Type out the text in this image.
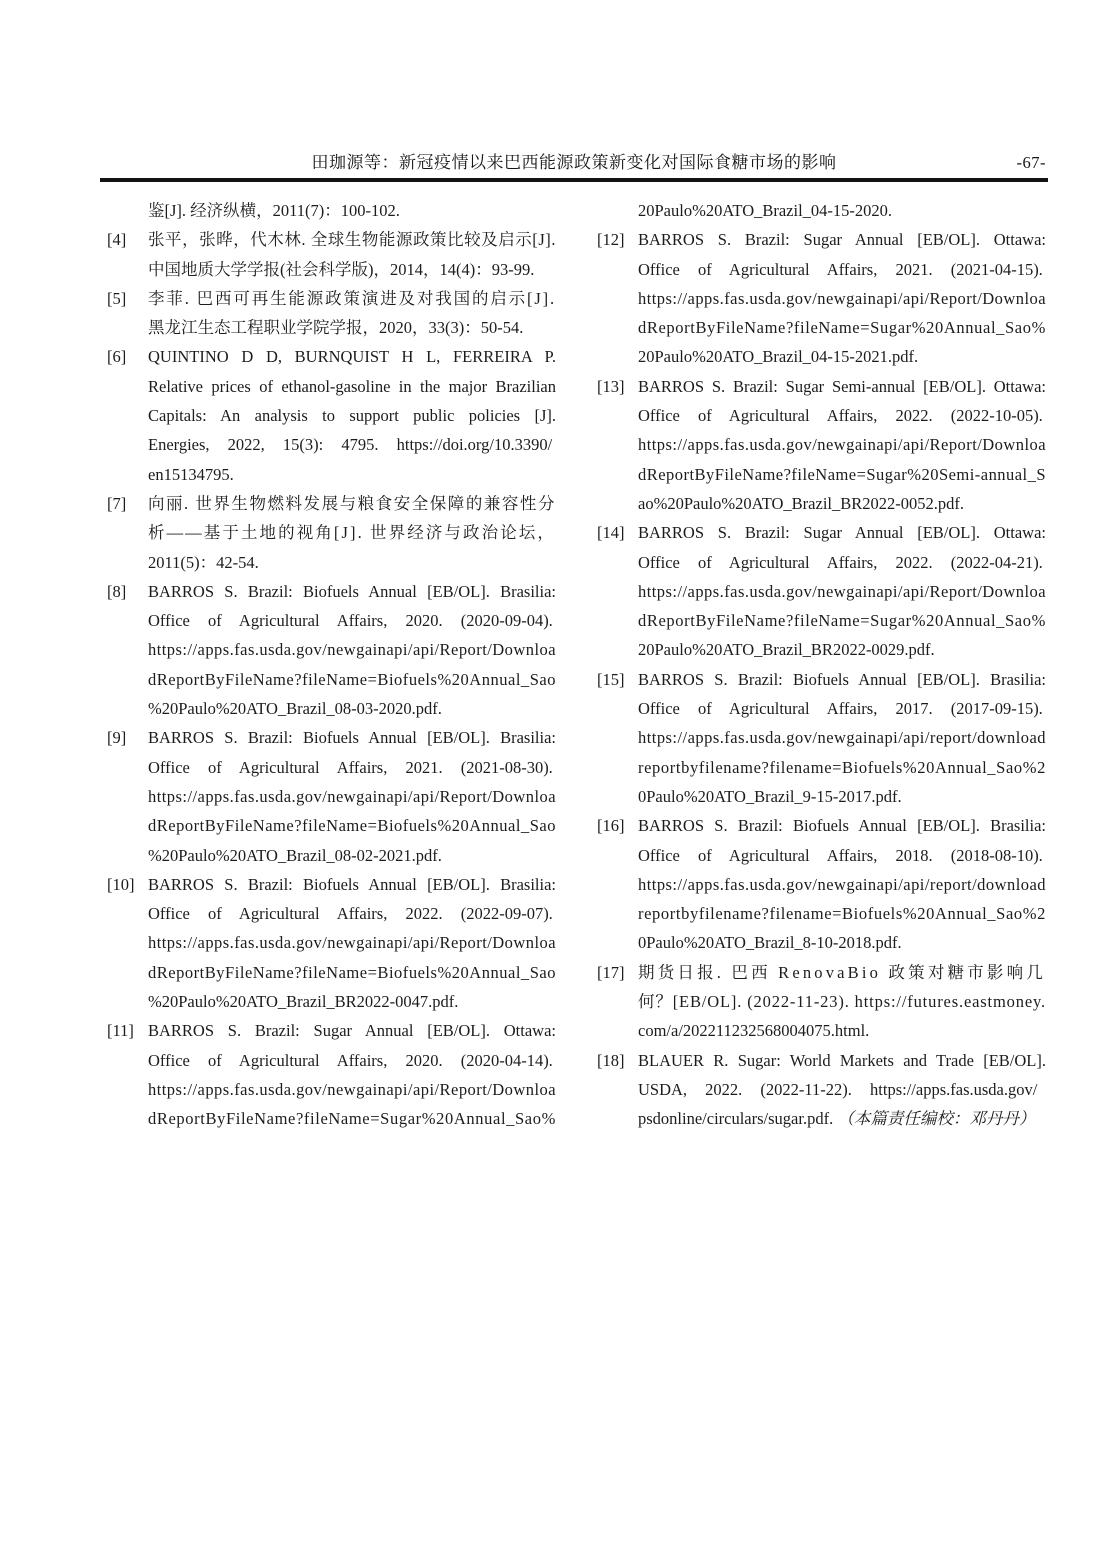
田珈源等：新冠疫情以来巴西能源政策新变化对国际食糖市场的影响	-67-
鉴[J]. 经济纵横，2011(7)：100-102.
[4] 张平，张晔，代木林. 全球生物能源政策比较及启示[J].
中国地质大学学报(社会科学版)，2014，14(4)：93-99.
[5] 李菲. 巴西可再生能源政策演进及对我国的启示[J].
黑龙江生态工程职业学院学报，2020，33(3)：50-54.
[6] QUINTINO D D, BURNQUIST H L, FERREIRA P.
Relative prices of ethanol-gasoline in the major Brazilian
Capitals: An analysis to support public policies [J].
Energies, 2022, 15(3): 4795. https://doi.org/10.3390/
en15134795.
[7] 向丽. 世界生物燃料发展与粮食安全保障的兼容性分
析——基于土地的视角[J]. 世界经济与政治论坛，
2011(5)：42-54.
[8] BARROS S. Brazil: Biofuels Annual [EB/OL]. Brasilia:
Office of Agricultural Affairs, 2020. (2020-09-04).
https://apps.fas.usda.gov/newgainapi/api/Report/Downloa
dReportByFileName?fileName=Biofuels%20Annual_Sao
%20Paulo%20ATO_Brazil_08-03-2020.pdf.
[9] BARROS S. Brazil: Biofuels Annual [EB/OL]. Brasilia:
Office of Agricultural Affairs, 2021. (2021-08-30).
https://apps.fas.usda.gov/newgainapi/api/Report/Downloa
dReportByFileName?fileName=Biofuels%20Annual_Sao
%20Paulo%20ATO_Brazil_08-02-2021.pdf.
[10] BARROS S. Brazil: Biofuels Annual [EB/OL]. Brasilia:
Office of Agricultural Affairs, 2022. (2022-09-07).
https://apps.fas.usda.gov/newgainapi/api/Report/Downloa
dReportByFileName?fileName=Biofuels%20Annual_Sao
%20Paulo%20ATO_Brazil_BR2022-0047.pdf.
[11] BARROS S. Brazil: Sugar Annual [EB/OL]. Ottawa:
Office of Agricultural Affairs, 2020. (2020-04-14).
https://apps.fas.usda.gov/newgainapi/api/Report/Downloa
dReportByFileName?fileName=Sugar%20Annual_Sao%
20Paulo%20ATO_Brazil_04-15-2020.
[12] BARROS S. Brazil: Sugar Annual [EB/OL]. Ottawa:
Office of Agricultural Affairs, 2021. (2021-04-15).
https://apps.fas.usda.gov/newgainapi/api/Report/Downloa
dReportByFileName?fileName=Sugar%20Annual_Sao%
20Paulo%20ATO_Brazil_04-15-2021.pdf.
[13] BARROS S. Brazil: Sugar Semi-annual [EB/OL]. Ottawa:
Office of Agricultural Affairs, 2022. (2022-10-05).
https://apps.fas.usda.gov/newgainapi/api/Report/Downloa
dReportByFileName?fileName=Sugar%20Semi-annual_S
ao%20Paulo%20ATO_Brazil_BR2022-0052.pdf.
[14] BARROS S. Brazil: Sugar Annual [EB/OL]. Ottawa:
Office of Agricultural Affairs, 2022. (2022-04-21).
https://apps.fas.usda.gov/newgainapi/api/Report/Downloa
dReportByFileName?fileName=Sugar%20Annual_Sao%
20Paulo%20ATO_Brazil_BR2022-0029.pdf.
[15] BARROS S. Brazil: Biofuels Annual [EB/OL]. Brasilia:
Office of Agricultural Affairs, 2017. (2017-09-15).
https://apps.fas.usda.gov/newgainapi/api/report/download
reportbyfilename?filename=Biofuels%20Annual_Sao%2
0Paulo%20ATO_Brazil_9-15-2017.pdf.
[16] BARROS S. Brazil: Biofuels Annual [EB/OL]. Brasilia:
Office of Agricultural Affairs, 2018. (2018-08-10).
https://apps.fas.usda.gov/newgainapi/api/report/download
reportbyfilename?filename=Biofuels%20Annual_Sao%2
0Paulo%20ATO_Brazil_8-10-2018.pdf.
[17] 期货日报. 巴西 RenovaBio 政策对糖市影响几
何？[EB/OL]. (2022-11-23). https://futures.eastmoney.
com/a/202211232568004075.html.
[18] BLAUER R. Sugar: World Markets and Trade [EB/OL].
USDA, 2022. (2022-11-22). https://apps.fas.usda.gov/
psdonline/circulars/sugar.pdf. （本篇责任编校：邓丹丹）
